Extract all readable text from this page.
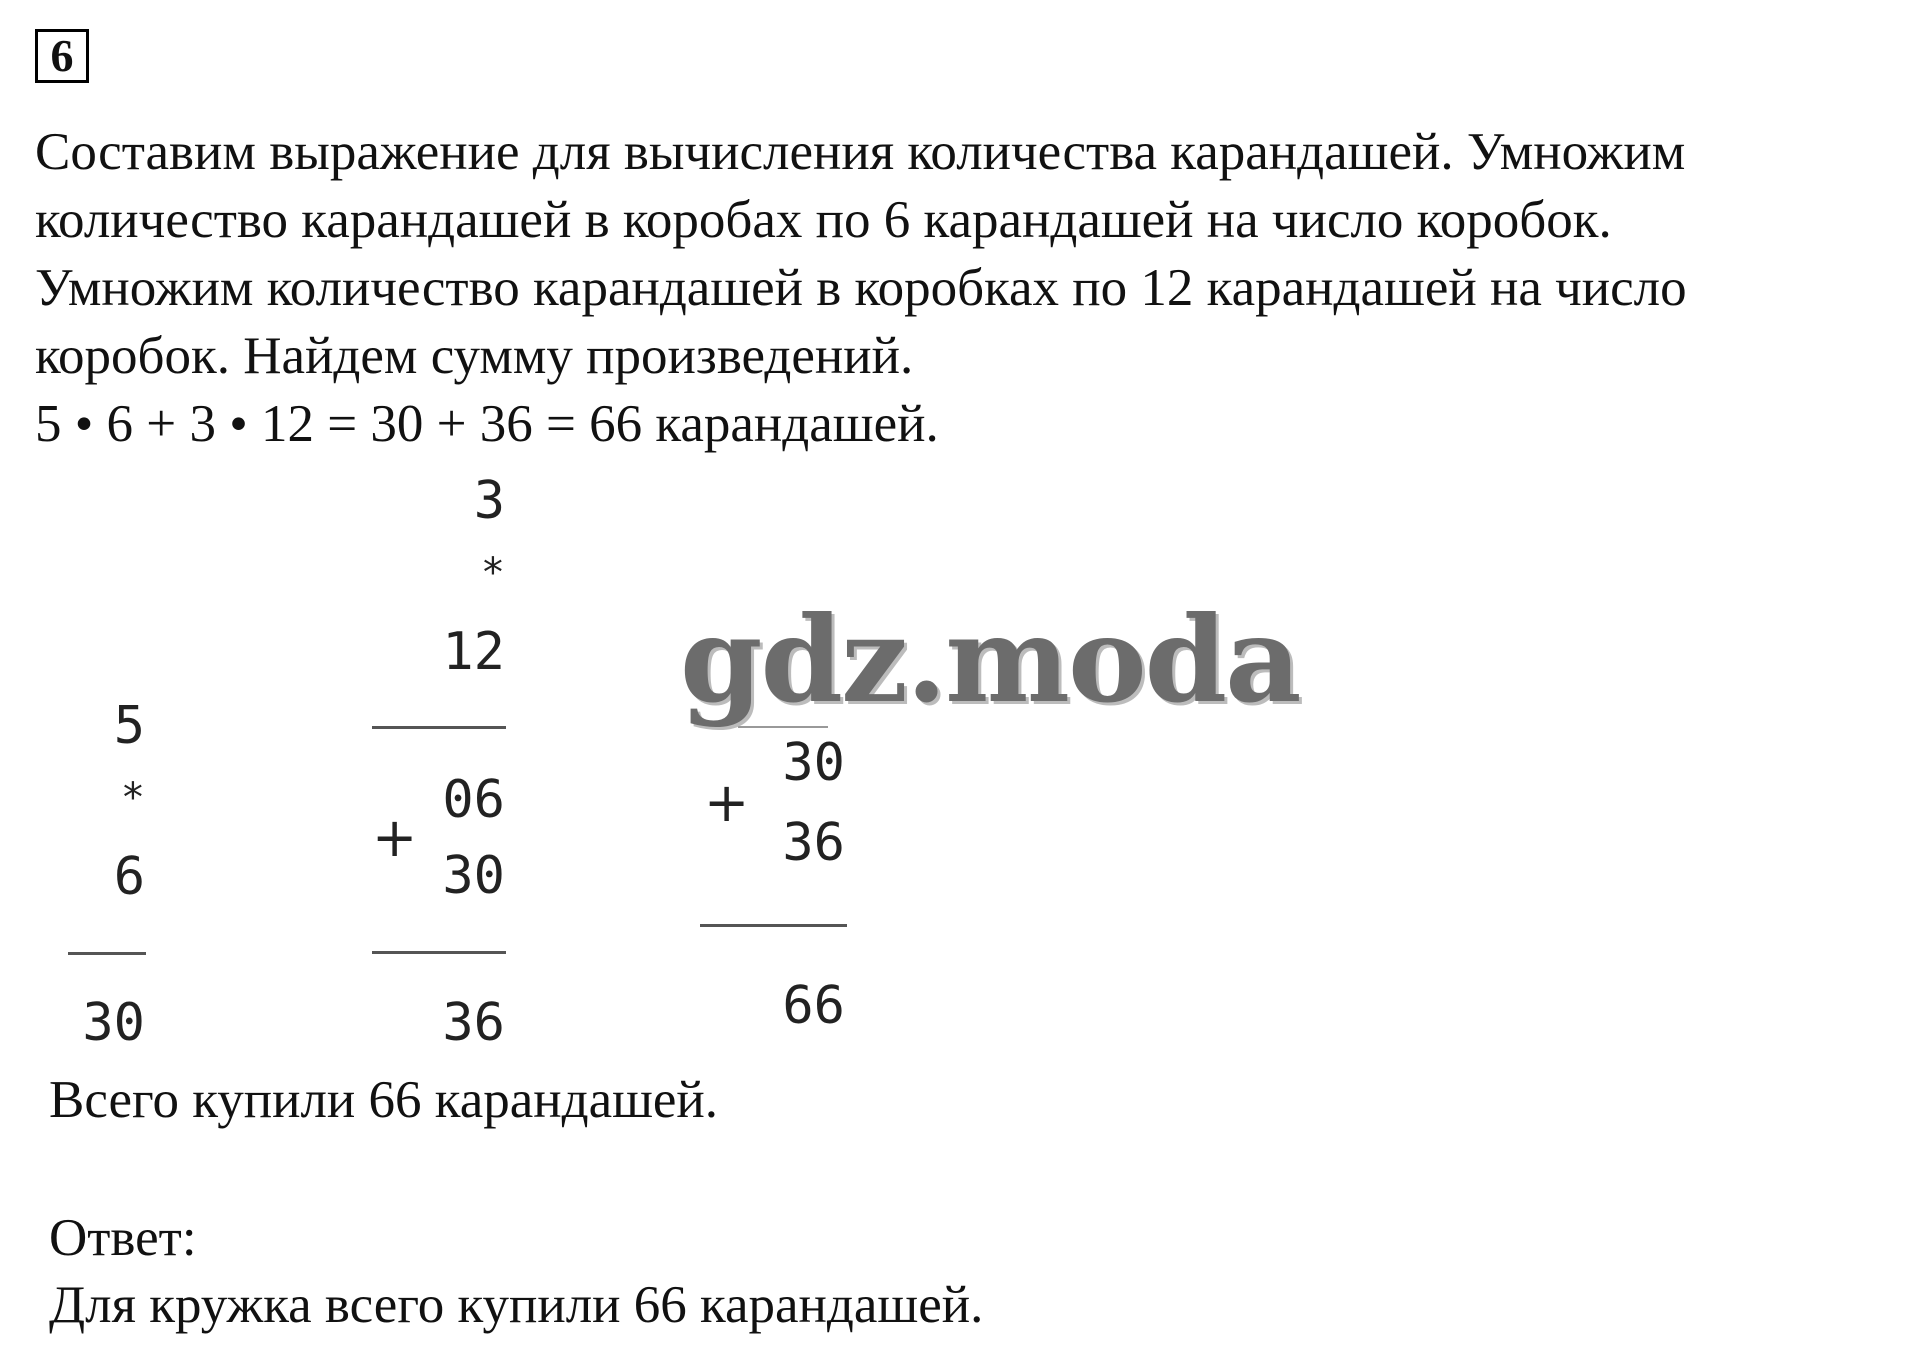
6
Составим выражение для вычисления количества карандашей. Умножим
количество карандашей в коробах по 6 карандашей на число коробок.
Умножим количество карандашей в коробках по 12 карандашей на число
коробок. Найдем сумму произведений.
5 • 6 + 3 • 12 = 30 + 36 = 66 карандашей.
5
*
6
30
3
*
12
06
+
30
36
30
+
36
66
gdz.moda
Всего купили 66 карандашей.
Ответ:
Для кружка всего купили 66 карандашей.
